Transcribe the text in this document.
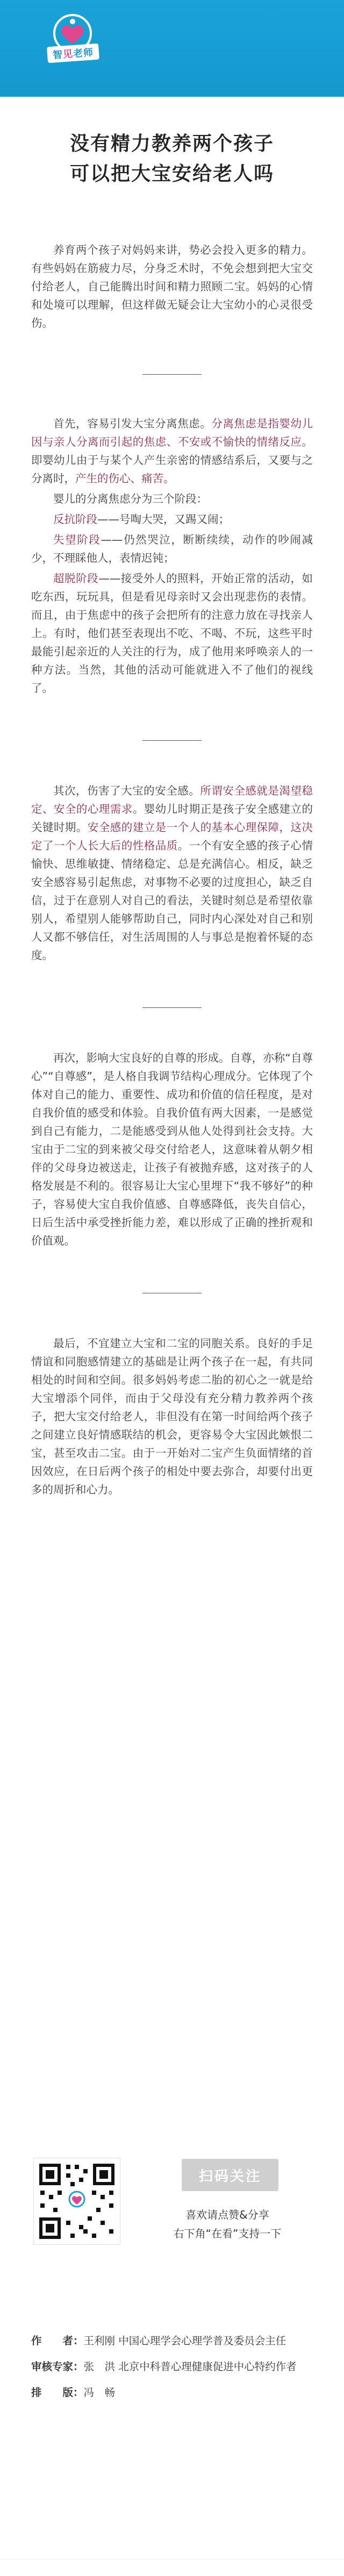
智
见
老师
没有精力教养两个孩子
可以把大宝安给老人吗

养育两个孩子对妈妈来讲，势必会投入更多的精力。有些妈妈在筋疲力尽，分身乏术时，不免会想到把大宝交付给老人，自己能腾出时间和精力照顾二宝。妈妈的心情和处境可以理解，但这样做无疑会让大宝幼小的心灵很受伤。

首先，容易引发大宝分离焦虑。分离焦虑是指婴幼儿因与亲人分离而引起的焦虑、不安或不愉快的情绪反应。即婴幼儿由于与某个人产生亲密的情感结系后，又要与之分离时，产生的伤心、痛苦。

婴儿的分离焦虑分为三个阶段：

反抗阶段——号啕大哭，又踢又闹；

失望阶段——仍然哭泣，断断续续，动作的吵闹减少，不理睬他人，表情迟钝；

超脱阶段——接受外人的照料，开始正常的活动，如吃东西，玩玩具，但是看见母亲时又会出现悲伤的表情。而且，由于焦虑中的孩子会把所有的注意力放在寻找亲人上。有时，他们甚至表现出不吃、不喝、不玩，这些平时最能引起亲近的人关注的行为，成了他用来呼唤亲人的一种方法。当然，其他的活动可能就进入不了他们的视线了。

其次，伤害了大宝的安全感。所谓安全感就是渴望稳定、安全的心理需求。婴幼儿时期正是孩子安全感建立的关键时期。安全感的建立是一个人的基本心理保障，这决定了一个人长大后的性格品质。一个有安全感的孩子心情愉快、思维敏捷、情绪稳定、总是充满信心。相反，缺乏安全感容易引起焦虑，对事物不必要的过度担心，缺乏自信，过于在意别人对自己的看法，关键时刻总是希望依靠别人，希望别人能够帮助自己，同时内心深处对自己和别人又都不够信任，对生活周围的人与事总是抱着怀疑的态度。

再次，影响大宝良好的自尊的形成。自尊，亦称“自尊心”“自尊感”，是人格自我调节结构心理成分。它体现了个体对自己的能力、重要性、成功和价值的信任程度，是对自我价值的感受和体验。自我价值有两大因素，一是感觉到自己有能力，二是能感受到从他人处得到社会支持。大宝由于二宝的到来被父母交付给老人，这意味着从朝夕相伴的父母身边被送走，让孩子有被抛弃感，这对孩子的人格发展是不利的。很容易让大宝心里埋下“我不够好”的种子，容易使大宝自我价值感、自尊感降低，丧失自信心，日后生活中承受挫折能力差，难以形成了正确的挫折观和价值观。

最后，不宜建立大宝和二宝的同胞关系。良好的手足情谊和同胞感情建立的基础是让两个孩子在一起，有共同相处的时间和空间。很多妈妈考虑二胎的初心之一就是给大宝增添个同伴，而由于父母没有充分精力教养两个孩子，把大宝交付给老人，非但没有在第一时间给两个孩子之间建立良好情感联结的机会，更容易令大宝因此嫉恨二宝，甚至攻击二宝。由于一开始对二宝产生负面情绪的首因效应，在日后两个孩子的相处中要去弥合，却要付出更多的周折和心力。

扫码关注
喜欢请点赞&分享
右下角“在看”支持一下
作　　者：王利刚 中国心理学会心理学普及委员会主任
审核专家：张　洪 北京中科普心理健康促进中心特约作者
排　　版：冯　畅
